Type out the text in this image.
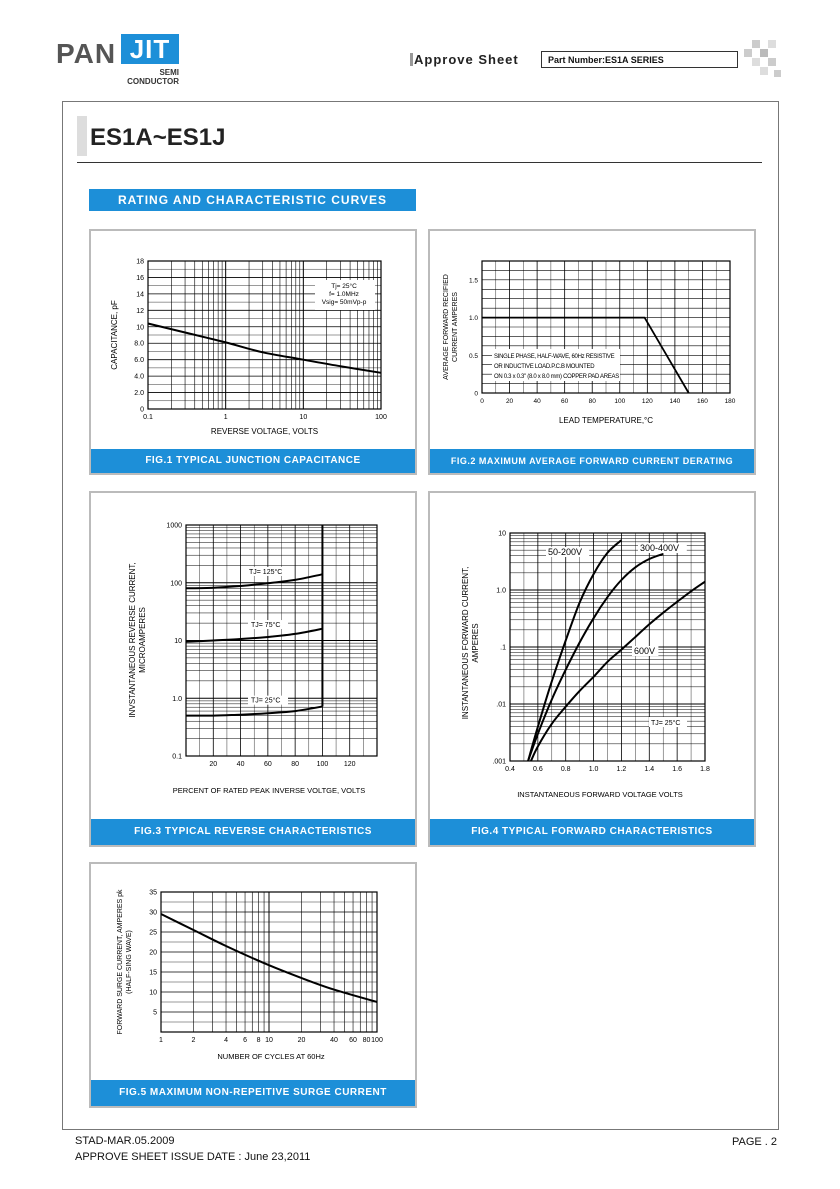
PAN JIT
SEMI
CONDUCTOR
Approve Sheet	Part Number:ES1A SERIES
ES1A~ES1J
RATING AND CHARACTERISTIC CURVES
0.1	1	10	100
0
2.0
4.0
6.0
8.0
10
12
14
16
18
REVERSE VOLTAGE, VOLTS
CAPACITANCE, pF
Tj= 25°C
f= 1.0MHz
Vsig= 50mVp-p
FIG.1 TYPICAL JUNCTION CAPACITANCE
0	20	40	60	80	100	120	140	160	180
0
0.5
1.0
1.5
LEAD TEMPERATURE,°C
AVERAGE FORWARD RECIFIED CURRENT AMPERES	SINGLE PHASE, HALF-WAVE, 60Hz RESISTIVE
OR INDUCTIVE LOAD.P.C.B MOUNTED
ON 0.3 x 0.3" (8.0 x 8.0 mm) COPPER PAD AREAS
FIG.2 MAXIMUM AVERAGE FORWARD CURRENT DERATING
20	40	60	80	100 120
0.1
1.0
10
100
1000
PERCENT OF RATED PEAK INVERSE VOLTGE, VOLTS
INVSTANTANEOUS REVERSE CURRENT, MICROAMPERES
TJ= 125°C
TJ= 75°C
TJ= 25°C
FIG.3 TYPICAL REVERSE CHARACTERISTICS
0.4	0.6	0.8	1.0	1.2	1.4	1.6	1.8
.001
.01
.1
1.0
10
INSTANTANEOUS FORWARD VOLTAGE VOLTS
INSTANTANEOUS FORWARD CURRENT, AMPERES
50-200V	300-400V
600V
TJ= 25°C
FIG.4 TYPICAL FORWARD CHARACTERISTICS
1	2	4 6 8 10	20	40 60 80 100
5
10
15
20
25
30
35
NUMBER OF CYCLES AT 60Hz
FORWARD SURGE CURRENT, AMPERES pk (HALF-SING WAVE)
FIG.5 MAXIMUM NON-REPEITIVE SURGE CURRENT
STAD-MAR.05.2009
APPROVE SHEET ISSUE DATE : June 23,2011
PAGE . 2
